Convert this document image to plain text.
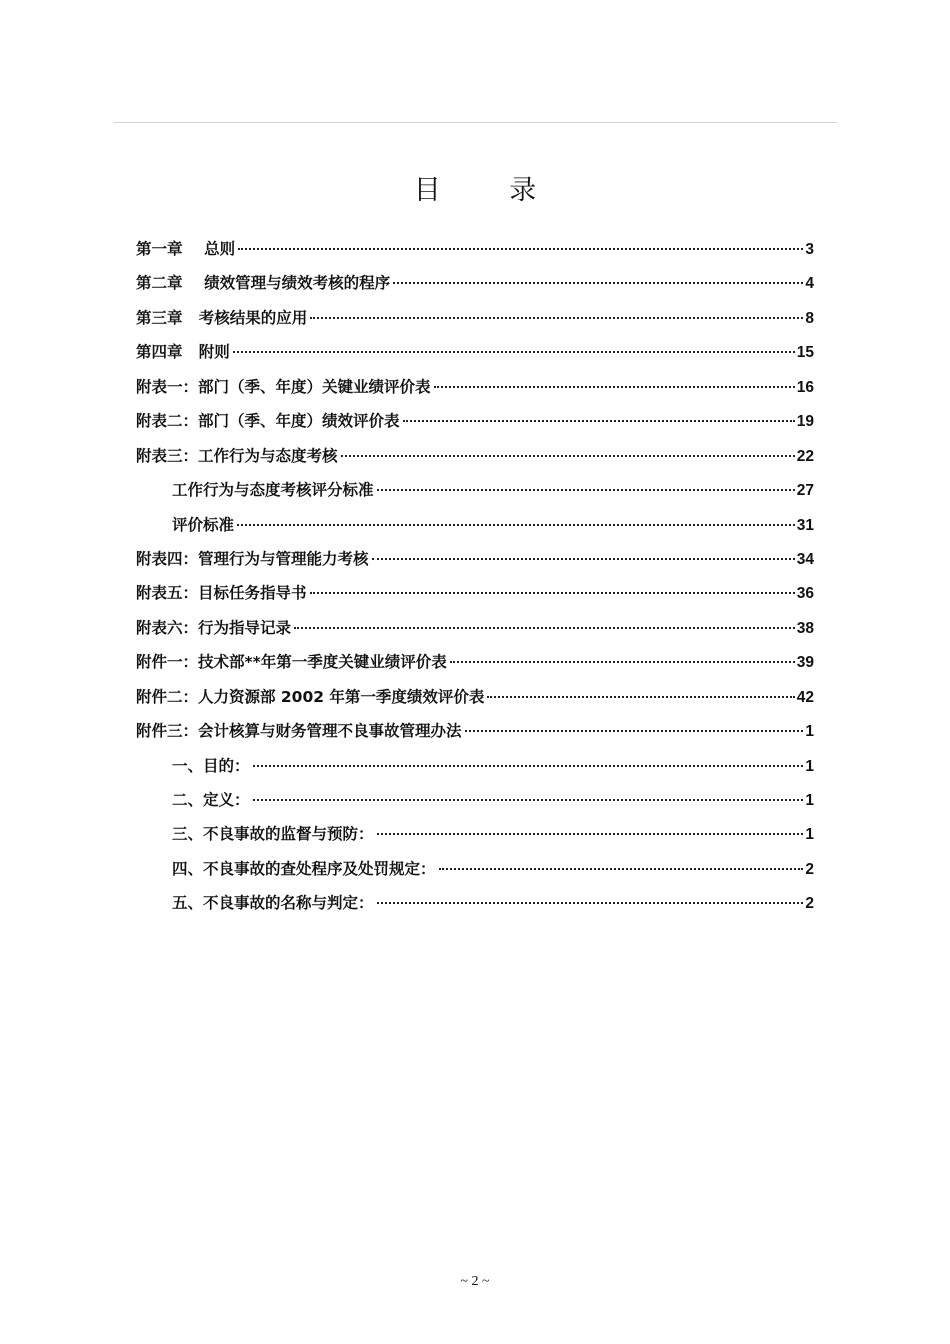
目 录
第一章    总则	3
第二章    绩效管理与绩效考核的程序	4
第三章   考核结果的应用	8
第四章   附则	15
附表一：部门（季、年度）关键业绩评价表	16
附表二：部门（季、年度）绩效评价表	19
附表三：工作行为与态度考核	22
工作行为与态度考核评分标准	27
评价标准	31
附表四：管理行为与管理能力考核	34
附表五：目标任务指导书	36
附表六：行为指导记录	38
附件一：技术部**年第一季度关键业绩评价表	39
附件二：人力资源部 2002 年第一季度绩效评价表	42
附件三：会计核算与财务管理不良事故管理办法	1
一、目的：	1
二、定义：	1
三、不良事故的监督与预防：	1
四、不良事故的查处程序及处罚规定：	2
五、不良事故的名称与判定：	2
~ 2 ~
